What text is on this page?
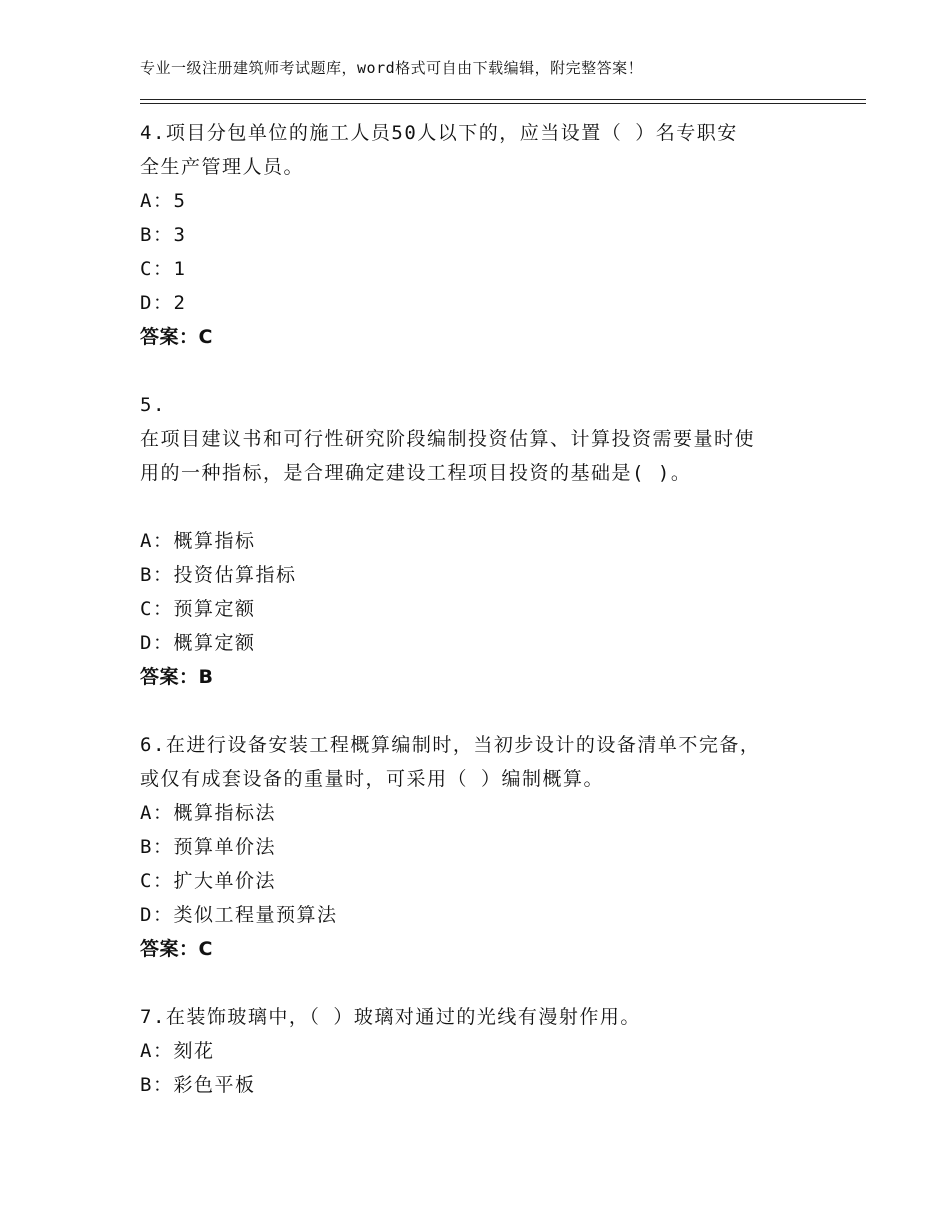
专业一级注册建筑师考试题库，word格式可自由下载编辑，附完整答案！
4.项目分包单位的施工人员50人以下的，应当设置（ ）名专职安
全生产管理人员。
A：5
B：3
C：1
D：2
答案：C
5.
在项目建议书和可行性研究阶段编制投资估算、计算投资需要量时使
用的一种指标，是合理确定建设工程项目投资的基础是( )。
A：概算指标
B：投资估算指标
C：预算定额
D：概算定额
答案：B
6.在进行设备安装工程概算编制时，当初步设计的设备清单不完备，
或仅有成套设备的重量时，可采用（ ）编制概算。
A：概算指标法
B：预算单价法
C：扩大单价法
D：类似工程量预算法
答案：C
7.在装饰玻璃中，（ ）玻璃对通过的光线有漫射作用。
A：刻花
B：彩色平板
